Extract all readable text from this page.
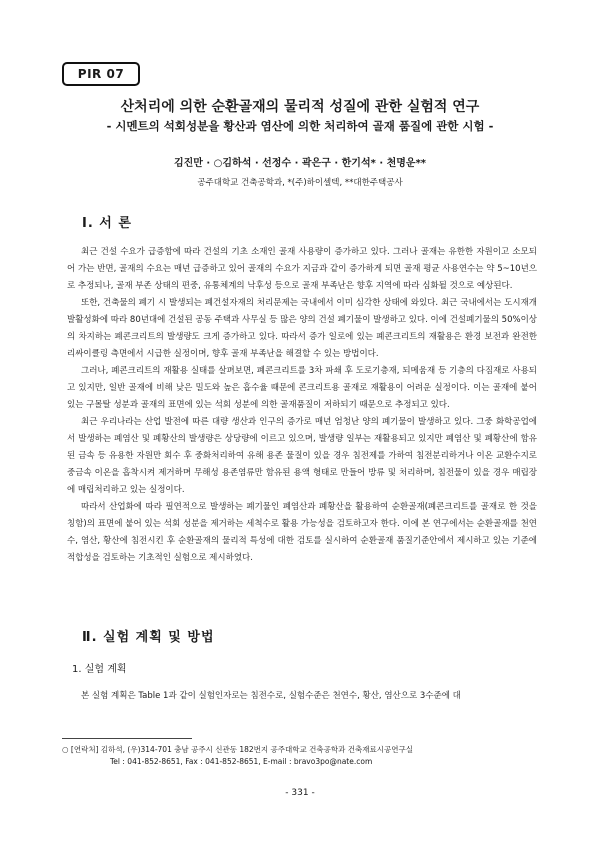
PIR 07
산처리에 의한 순환골재의 물리적 성질에 관한 실험적 연구
- 시멘트의 석회성분을 황산과 염산에 의한 처리하여 골재 품질에 관한 시험 -
김진만 · ○김하석 · 선정수 · 곽은구 · 한기석* · 천명운**
공주대학교 건축공학과, *(주)하이셀텍, **대한주택공사
Ⅰ. 서 론

최근 건설 수요가 급증함에 따라 건설의 기초 소재인 골재 사용량이 증가하고 있다. 그러나 골재는 유한한 자원이고 소모되어 가는 반면, 골재의 수요는 매년 급증하고 있어 골재의 수요가 지금과 같이 증가하게 되면 골재 평균 사용연수는 약 5~10년으로 추정되나, 골재 부존 상태의 편중, 유통체계의 낙후성 등으로 골재 부족난은 향후 지역에 따라 심화될 것으로 예상된다.

또한, 건축물의 폐기 시 발생되는 폐건설자재의 처리문제는 국내에서 이미 심각한 상태에 와있다. 최근 국내에서는 도시재개발활성화에 따라 80년대에 건설된 공동 주택과 사무실 등 많은 양의 건설 폐기물이 발생하고 있다. 이에 건설폐기물의 50%이상의 차지하는 폐콘크리트의 발생량도 크게 증가하고 있다. 따라서 증가 일로에 있는 폐콘크리트의 재활용은 환경 보전과 완전한 리싸이클링 측면에서 시급한 실정이며, 향후 골재 부족난을 해결할 수 있는 방법이다.

그러나, 폐콘크리트의 재활용 실태를 살펴보면, 폐콘크리트를 3차 파쇄 후 도로기층재, 되메움재 등 기층의 다짐재로 사용되고 있지만, 일반 골재에 비해 낮은 밀도와 높은 흡수율 때문에 콘크리트용 골재로 재활용이 어려운 실정이다. 이는 골재에 붙어 있는 구몰탈 성분과 골재의 표면에 있는 석회 성분에 의한 골재품질이 저하되기 때문으로 추정되고 있다.

최근 우리나라는 산업 발전에 따른 대량 생산과 인구의 증가로 매년 엄청난 양의 폐기물이 발생하고 있다. 그중 화학공업에서 발생하는 폐염산 및 폐황산의 발생량은 상당량에 이르고 있으며, 발생량 일부는 재활용되고 있지만 폐염산 및 폐황산에 함유된 금속 등 유용한 자원만 회수 후 중화처리하여 유해 용존 물질이 있을 경우 침전제를 가하여 침전분리하거나 이온 교환수지로 중금속 이온을 흡착시켜 제거하며 무해성 용존염류만 함유된 용액 형태로 만들어 방류 및 처리하며, 침전물이 있을 경우 매립장에 매립처리하고 있는 실정이다.

따라서 산업화에 따라 필연적으로 발생하는 폐기물인 폐염산과 폐황산을 활용하여 순환골재(폐콘크리트를 골재로 한 것을 칭함)의 표면에 붙어 있는 석회 성분을 제거하는 세척수로 활용 가능성을 검토하고자 한다. 이에 본 연구에서는 순환골재를 천연수, 염산, 황산에 침전시킨 후 순환골재의 물리적 특성에 대한 검토를 실시하여 순환골재 품질기준안에서 제시하고 있는 기준에 적합성을 검토하는 기초적인 실험으로 제시하였다.

Ⅱ. 실험 계획 및 방법
1. 실험 계획

본 실험 계획은 Table 1과 같이 실험인자로는 침전수로, 실험수준은 천연수, 황산, 염산으로 3수준에 대

○ [연락처] 김하석, (우)314-701 충남 공주시 신관동 182번지 공주대학교 건축공학과 건축재료시공연구실
Tel : 041-852-8651, Fax : 041-852-8651, E-mail : bravo3po@nate.com
- 331 -
